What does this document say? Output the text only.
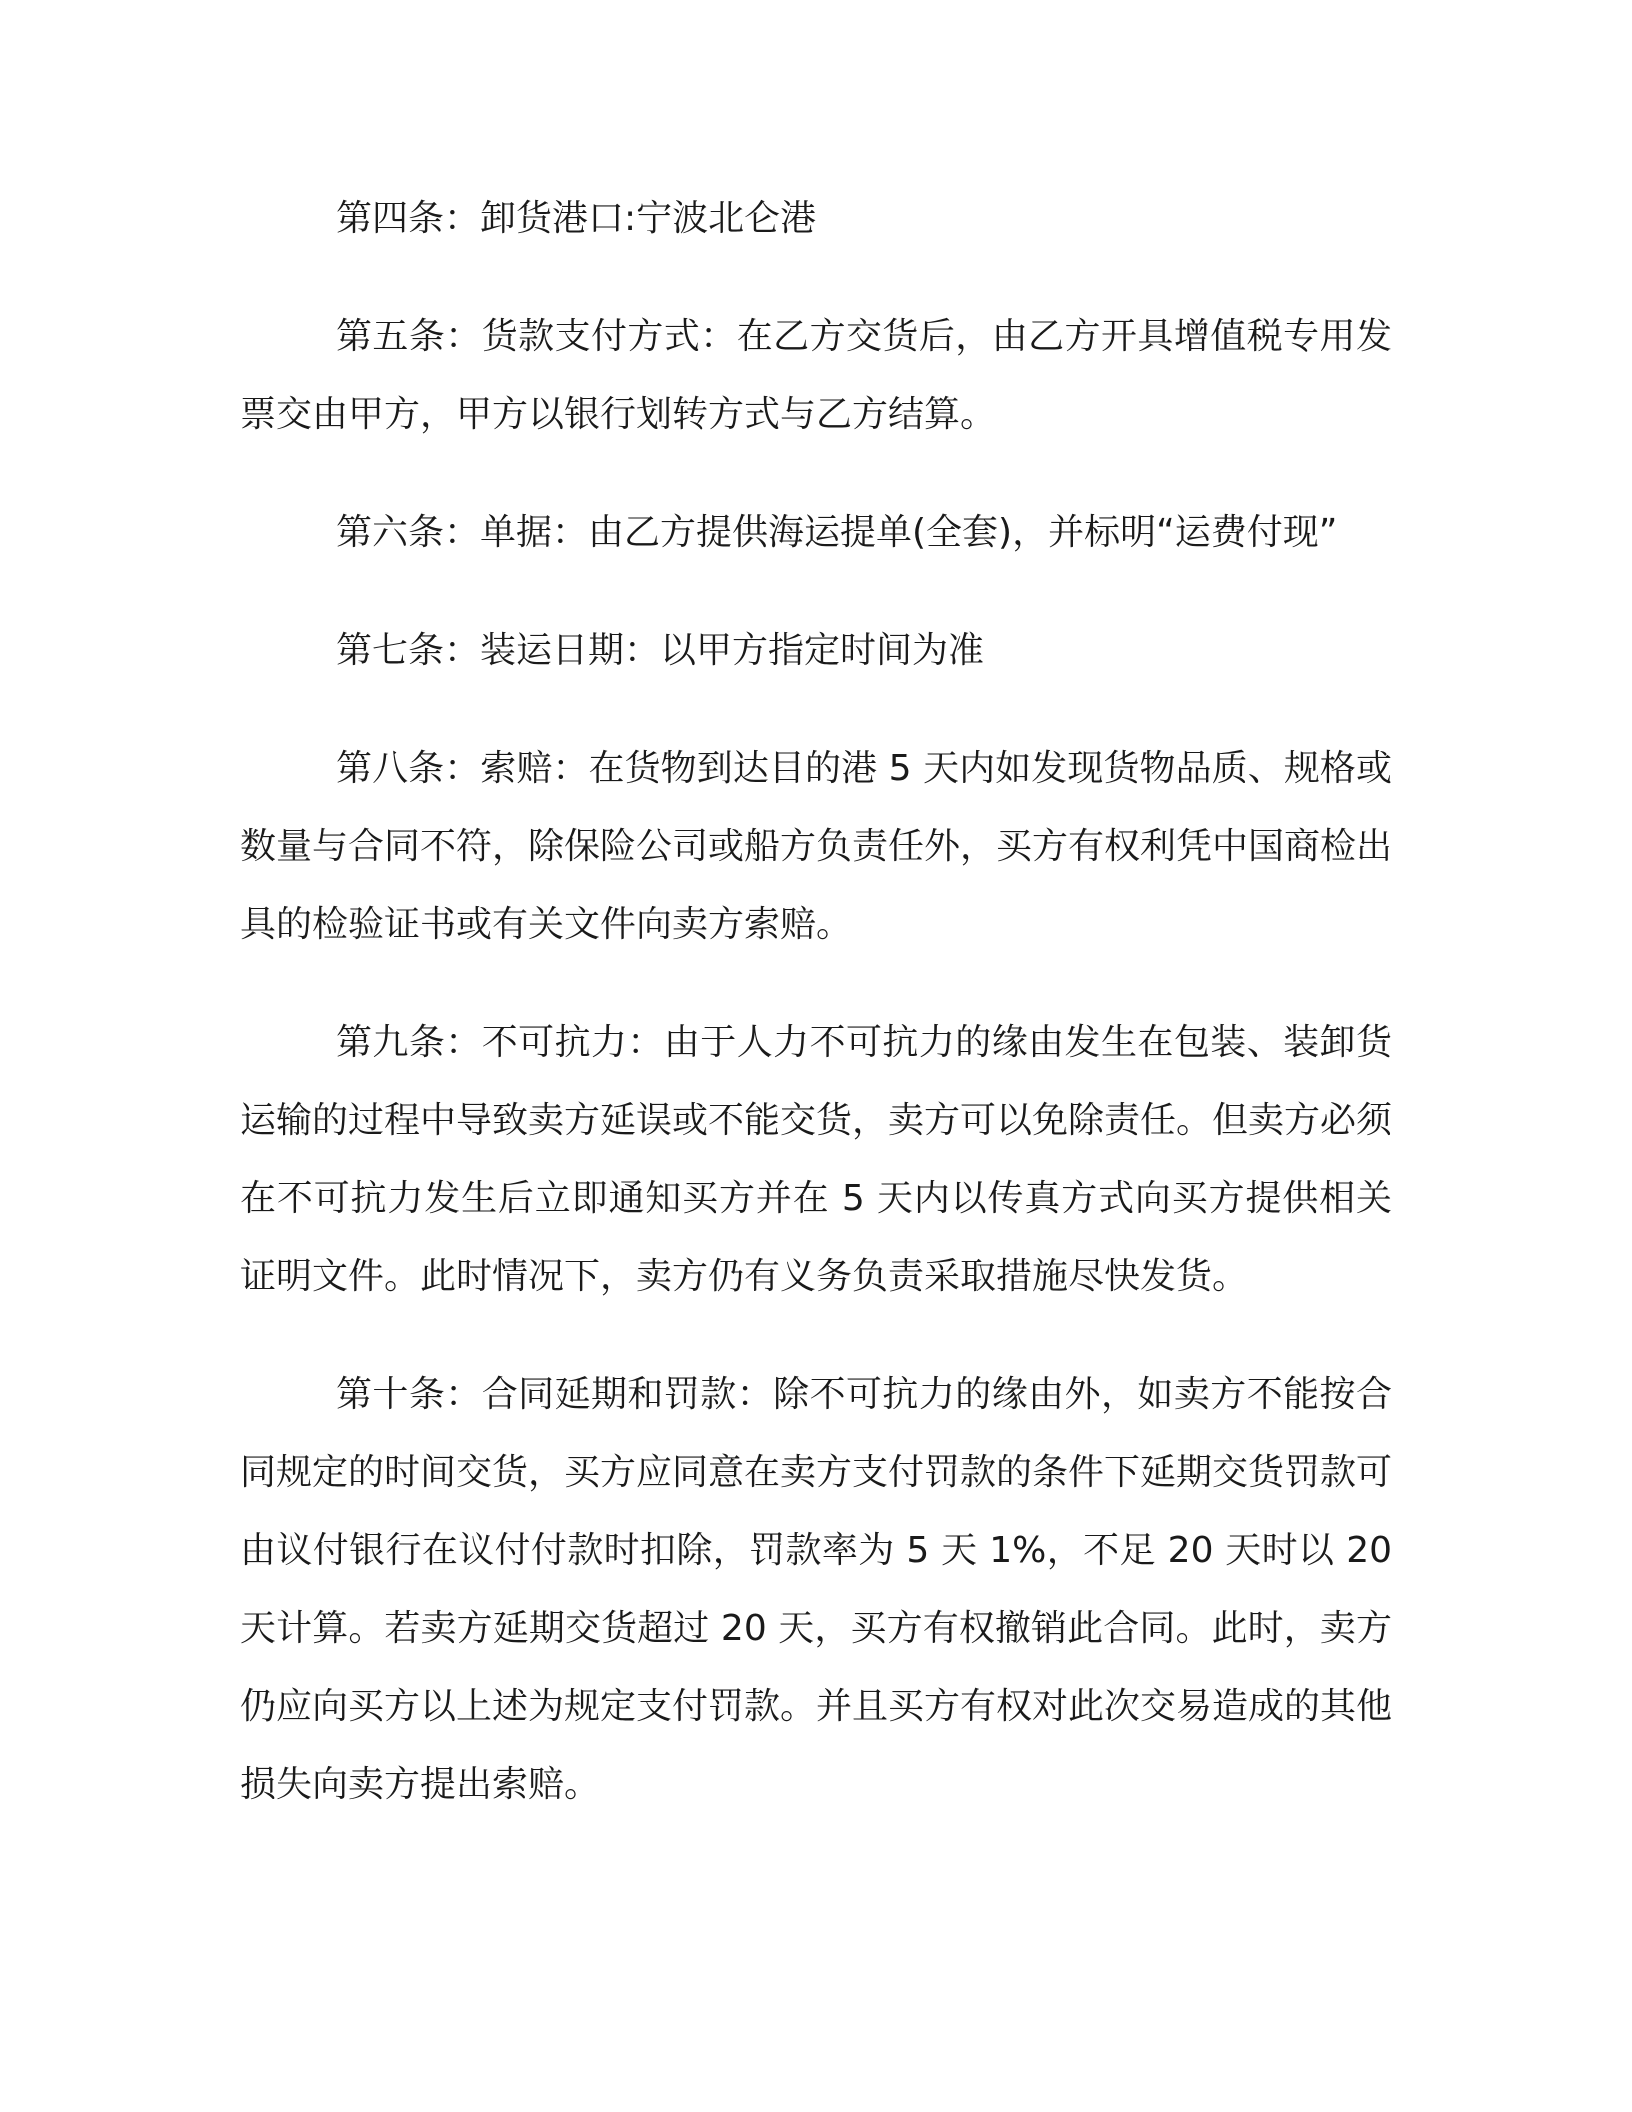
第四条：卸货港口:宁波北仑港

第五条：货款支付方式：在乙方交货后，由乙方开具增值税专用发票交由甲方，甲方以银行划转方式与乙方结算。

第六条：单据：由乙方提供海运提单(全套)，并标明“运费付现”

第七条：装运日期：以甲方指定时间为准

第八条：索赔：在货物到达目的港 5 天内如发现货物品质、规格或数量与合同不符，除保险公司或船方负责任外，买方有权利凭中国商检出具的检验证书或有关文件向卖方索赔。

第九条：不可抗力：由于人力不可抗力的缘由发生在包装、装卸货运输的过程中导致卖方延误或不能交货，卖方可以免除责任。但卖方必须在不可抗力发生后立即通知买方并在 5 天内以传真方式向买方提供相关证明文件。此时情况下，卖方仍有义务负责采取措施尽快发货。

第十条：合同延期和罚款：除不可抗力的缘由外，如卖方不能按合同规定的时间交货，买方应同意在卖方支付罚款的条件下延期交货罚款可由议付银行在议付付款时扣除，罚款率为 5 天 1%，不足 20 天时以 20 天计算。若卖方延期交货超过 20 天，买方有权撤销此合同。此时，卖方仍应向买方以上述为规定支付罚款。并且买方有权对此次交易造成的其他损失向卖方提出索赔。
